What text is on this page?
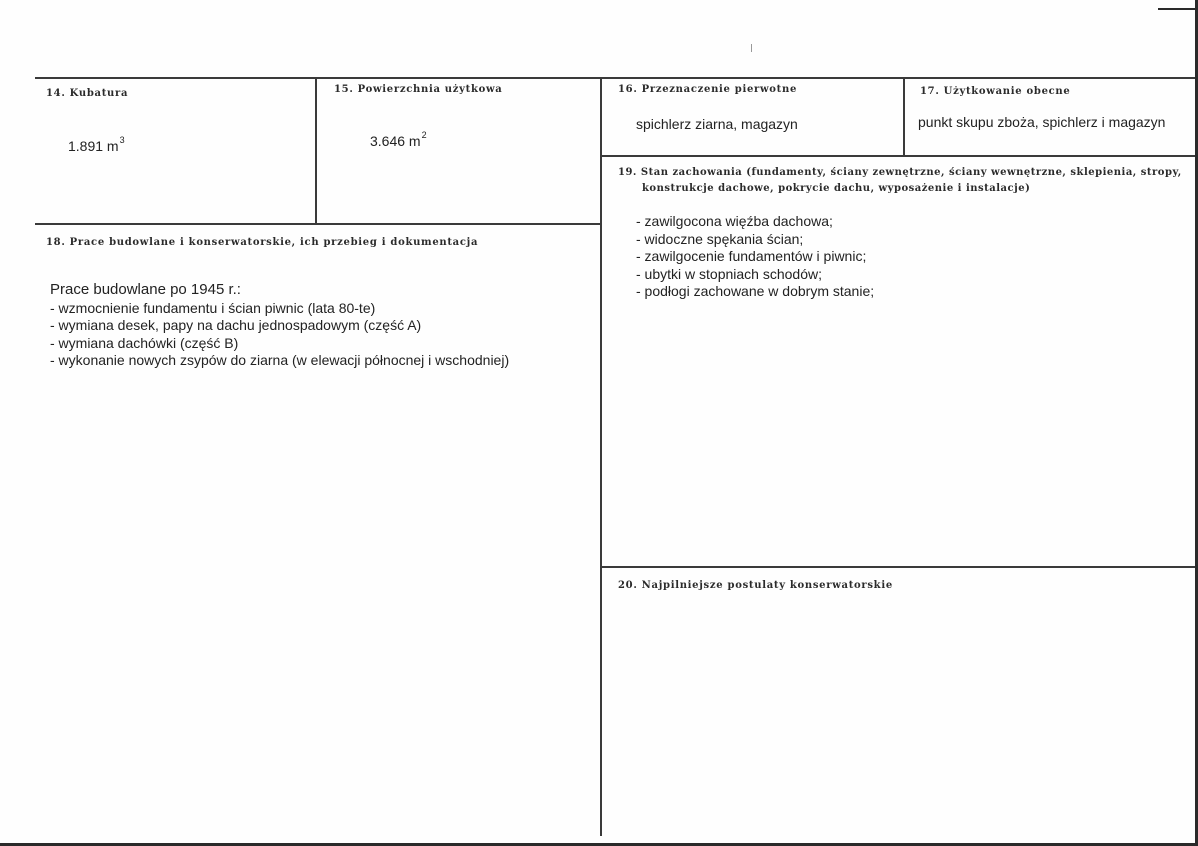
14. Kubatura
1.891 $m^3$
15. Powierzchnia użytkowa
3.646 $m^2$
16. Przeznaczenie pierwotne
spichlerz ziarna, magazyn
17. Użytkowanie obecne
punkt skupu zboża, spichlerz i magazyn
19. Stan zachowania (fundamenty, ściany zewnętrzne, ściany wewnętrzne, sklepienia, stropy,
konstrukcje dachowe, pokrycie dachu, wyposażenie i instalacje)
- zawilgocona więźba dachowa;
- widoczne spękania ścian;
- zawilgocenie fundamentów i piwnic;
- ubytki w stopniach schodów;
- podłogi zachowane w dobrym stanie;
18. Prace budowlane i konserwatorskie, ich przebieg i dokumentacja
Prace budowlane po 1945 r.:
- wzmocnienie fundamentu i ścian piwnic (lata 80-te)
- wymiana desek, papy na dachu jednospadowym (część A)
- wymiana dachówki (część B)
- wykonanie nowych zsypów do ziarna (w elewacji północnej i wschodniej)
20. Najpilniejsze postulaty konserwatorskie
